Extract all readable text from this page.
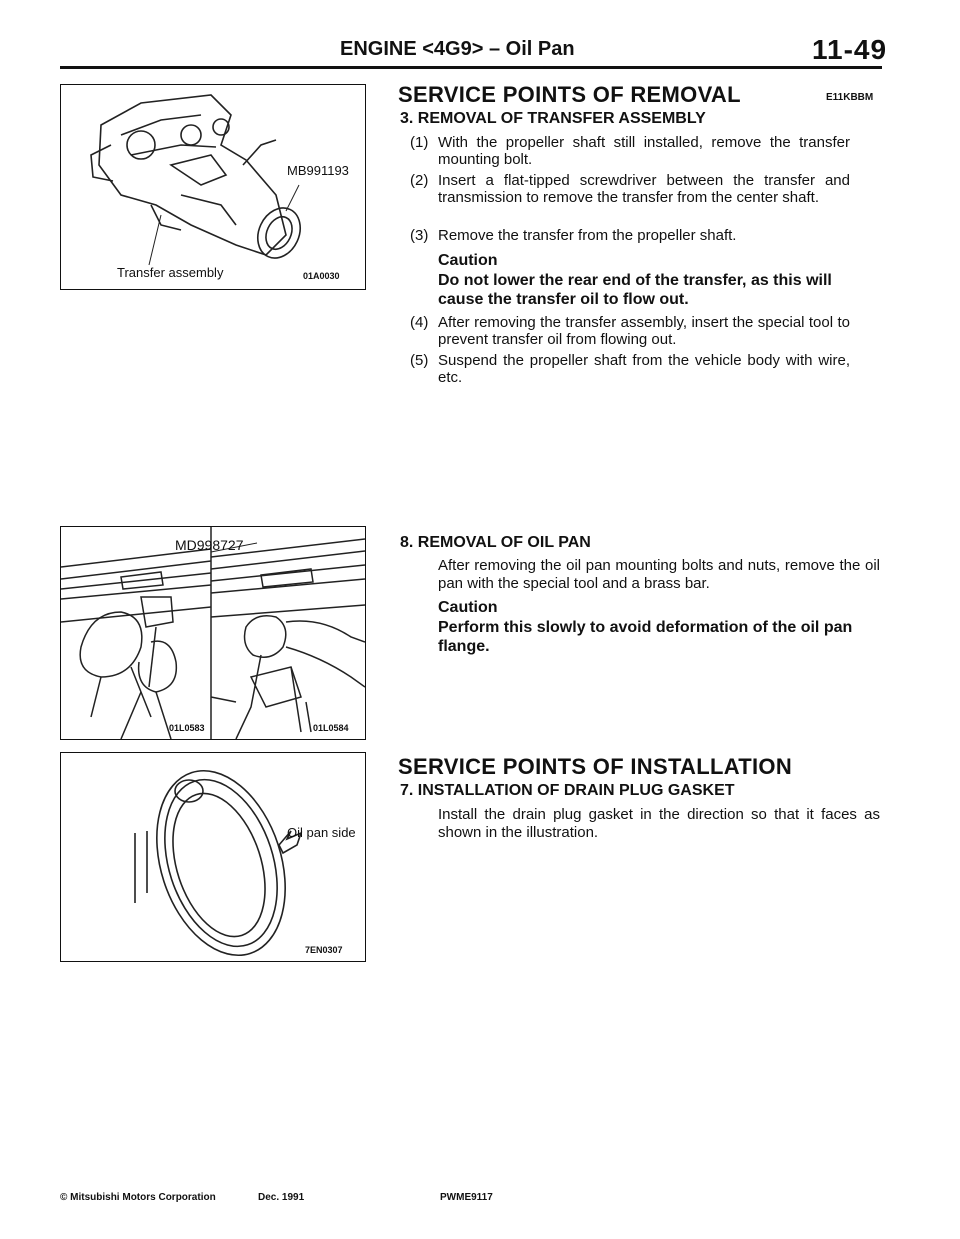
ENGINE <4G9> – Oil Pan	11-49
MB991193
Transfer assembly	01A0030
MD998727
01L0583	01L0584
Oil pan side
7EN0307
SERVICE POINTS OF REMOVAL	E11KBBM
3. REMOVAL OF TRANSFER ASSEMBLY
(1) With the propeller shaft still installed, remove the transfer mounting bolt.
(2) Insert a flat-tipped screwdriver between the transfer and transmission to remove the transfer from the center shaft.
(3) Remove the transfer from the propeller shaft.
Caution
Do not lower the rear end of the transfer, as this will cause the transfer oil to flow out.
(4) After removing the transfer assembly, insert the special tool to prevent transfer oil from flowing out.
(5) Suspend the propeller shaft from the vehicle body with wire, etc.
8. REMOVAL OF OIL PAN
After removing the oil pan mounting bolts and nuts, remove the oil pan with the special tool and a brass bar.
Caution
Perform this slowly to avoid deformation of the oil pan flange.
SERVICE POINTS OF INSTALLATION
7. INSTALLATION OF DRAIN PLUG GASKET
Install the drain plug gasket in the direction so that it faces as shown in the illustration.
© Mitsubishi Motors Corporation	Dec. 1991	PWME9117
